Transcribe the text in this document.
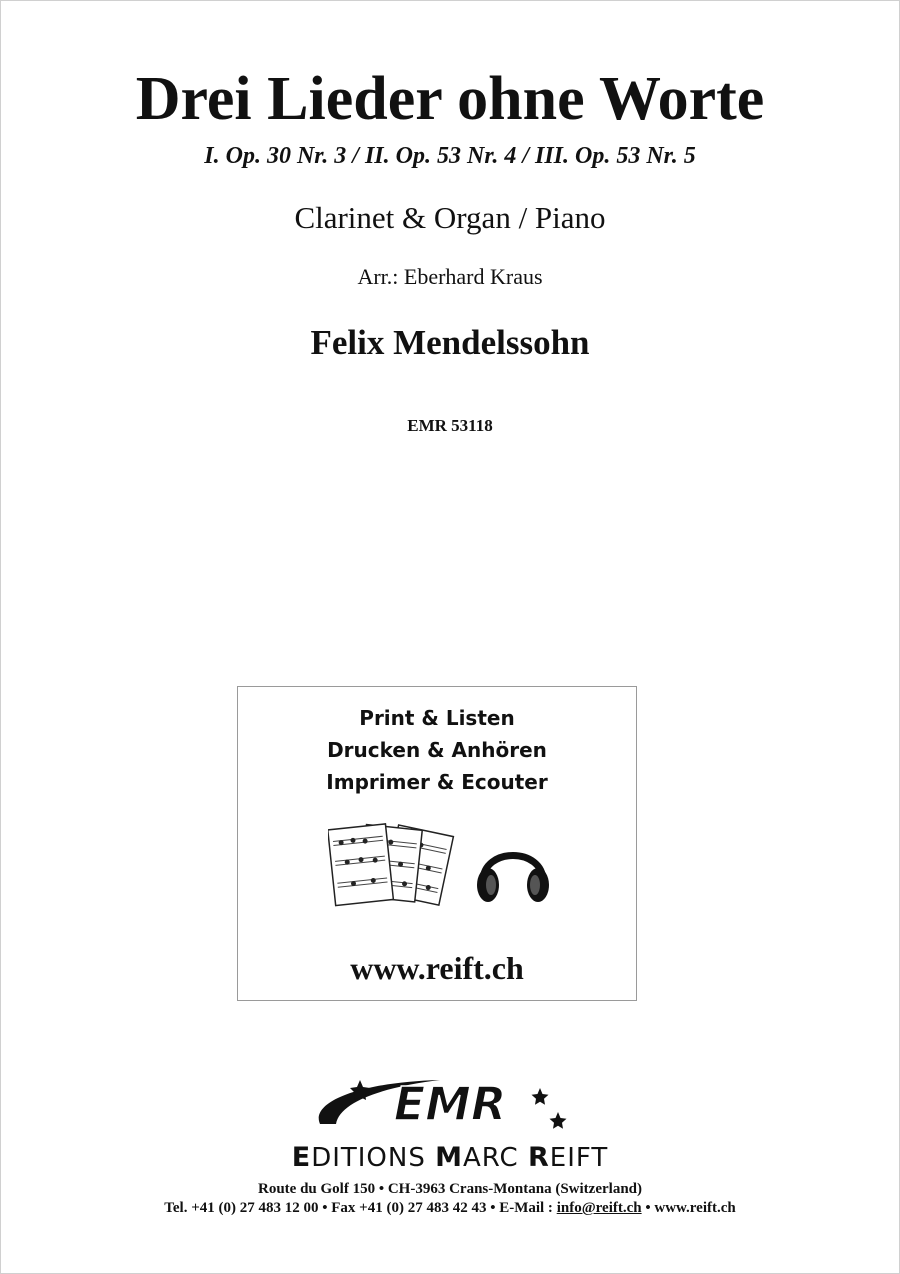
Drei Lieder ohne Worte
I. Op. 30 Nr. 3 / II. Op. 53 Nr. 4 / III. Op. 53 Nr. 5
Clarinet & Organ / Piano
Arr.: Eberhard Kraus
Felix Mendelssohn
EMR 53118
Print & Listen
Drucken & Anhören
Imprimer & Ecouter
www.reift.ch
EMR
EDITIONS MARC REIFT
Route du Golf 150 • CH-3963 Crans-Montana (Switzerland)
Tel. +41 (0) 27 483 12 00 • Fax +41 (0) 27 483 42 43 • E-Mail : info@reift.ch • www.reift.ch
